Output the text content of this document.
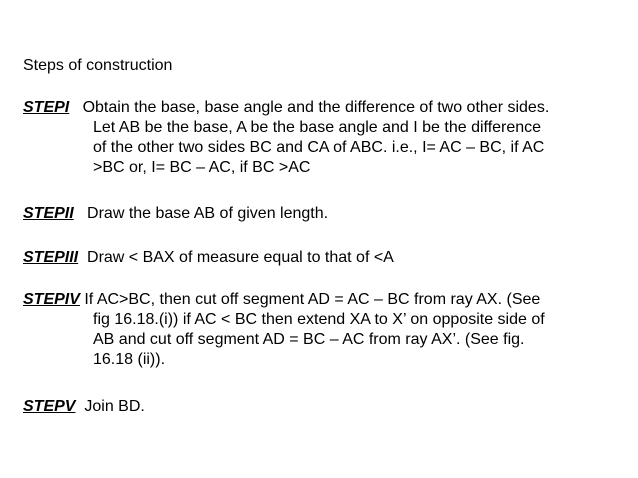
Steps of construction
STEPI Obtain the base, base angle and the difference of two other sides.
Let AB be the base, A be the base angle and I be the difference
of the other two sides BC and CA of ABC. i.e., I= AC – BC, if AC
>BC or, I= BC – AC, if BC >AC
STEPII Draw the base AB of given length.
STEPIII Draw < BAX of measure equal to that of <A
STEPIV If AC>BC, then cut off segment AD = AC – BC from ray AX. (See
fig 16.18.(i)) if AC < BC then extend XA to X’ on opposite side of
AB and cut off segment AD = BC – AC from ray AX’. (See fig.
16.18 (ii)).
STEPV Join BD.
